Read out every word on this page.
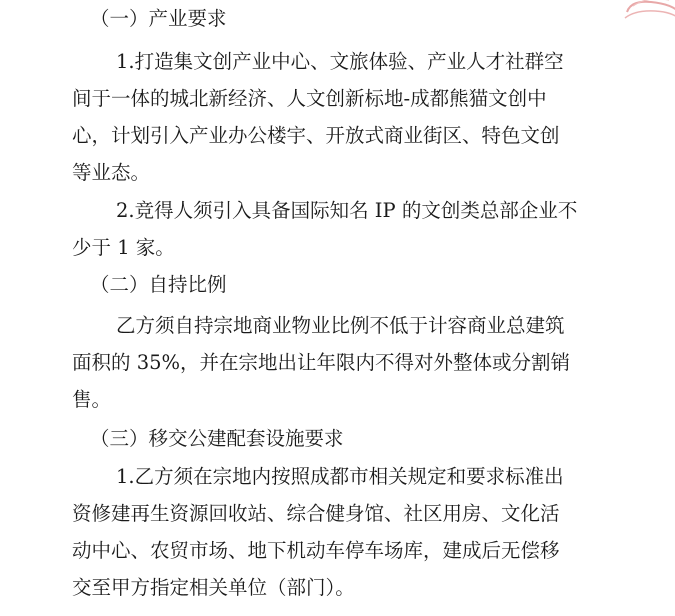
（一）产业要求
1.打造集文创产业中心、文旅体验、产业人才社群空
间于一体的城北新经济、人文创新标地-成都熊猫文创中
心，计划引入产业办公楼宇、开放式商业街区、特色文创
等业态。
2.竞得人须引入具备国际知名 IP 的文创类总部企业不
少于 1 家。
（二）自持比例
乙方须自持宗地商业物业比例不低于计容商业总建筑
面积的 35%，并在宗地出让年限内不得对外整体或分割销
售。
（三）移交公建配套设施要求
1.乙方须在宗地内按照成都市相关规定和要求标准出
资修建再生资源回收站、综合健身馆、社区用房、文化活
动中心、农贸市场、地下机动车停车场库，建成后无偿移
交至甲方指定相关单位（部门）。
